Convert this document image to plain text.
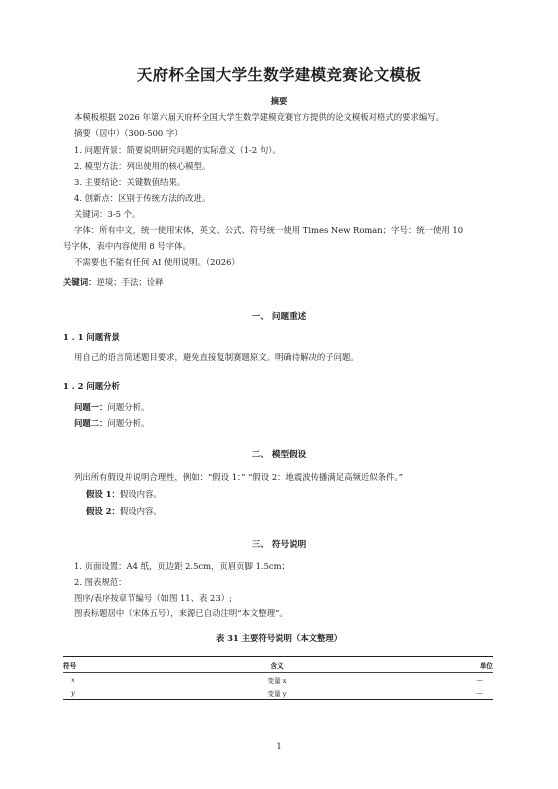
天府杯全国大学生数学建模竞赛论文模板
摘要
本模板根据 2026 年第六届天府杯全国大学生数学建模竞赛官方提供的论文模板对格式的要求编写。
摘要（居中）（300-500 字）
1. 问题背景：简要说明研究问题的实际意义（1-2 句）。
2. 模型方法：列出使用的核心模型。
3. 主要结论：关键数值结果。
4. 创新点：区别于传统方法的改进。
关键词：3-5 个。
字体：所有中文，统一使用宋体，英文、公式、符号统一使用 Times New Roman；字号：统一使用 10
号字体，表中内容使用 8 号字体。
不需要也不能有任何 AI 使用说明。（2026）
关键词：逆境；手法；诠释
一、 问题重述
1 . 1 问题背景
用自己的语言简述题目要求，避免直接复制赛题原文。明确待解决的子问题。
1 . 2 问题分析
问题一：问题分析。
问题二：问题分析。
二、 模型假设
列出所有假设并说明合理性，例如：“假设 1：” “假设 2：地震波传播满足高频近似条件。”
假设 1：假设内容。
假设 2：假设内容。
三、 符号说明
1. 页面设置：A4 纸，页边距 2.5cm，页眉页脚 1.5cm；
2. 图表规范：
图序/表序按章节编号（如图 11、表 23）;
图表标题居中（宋体五号），来源已自动注明“本文整理”。
表 31 主要符号说明（本文整理）
符号	含义	单位
x	变量 x	—
y	变量 y	—
1
